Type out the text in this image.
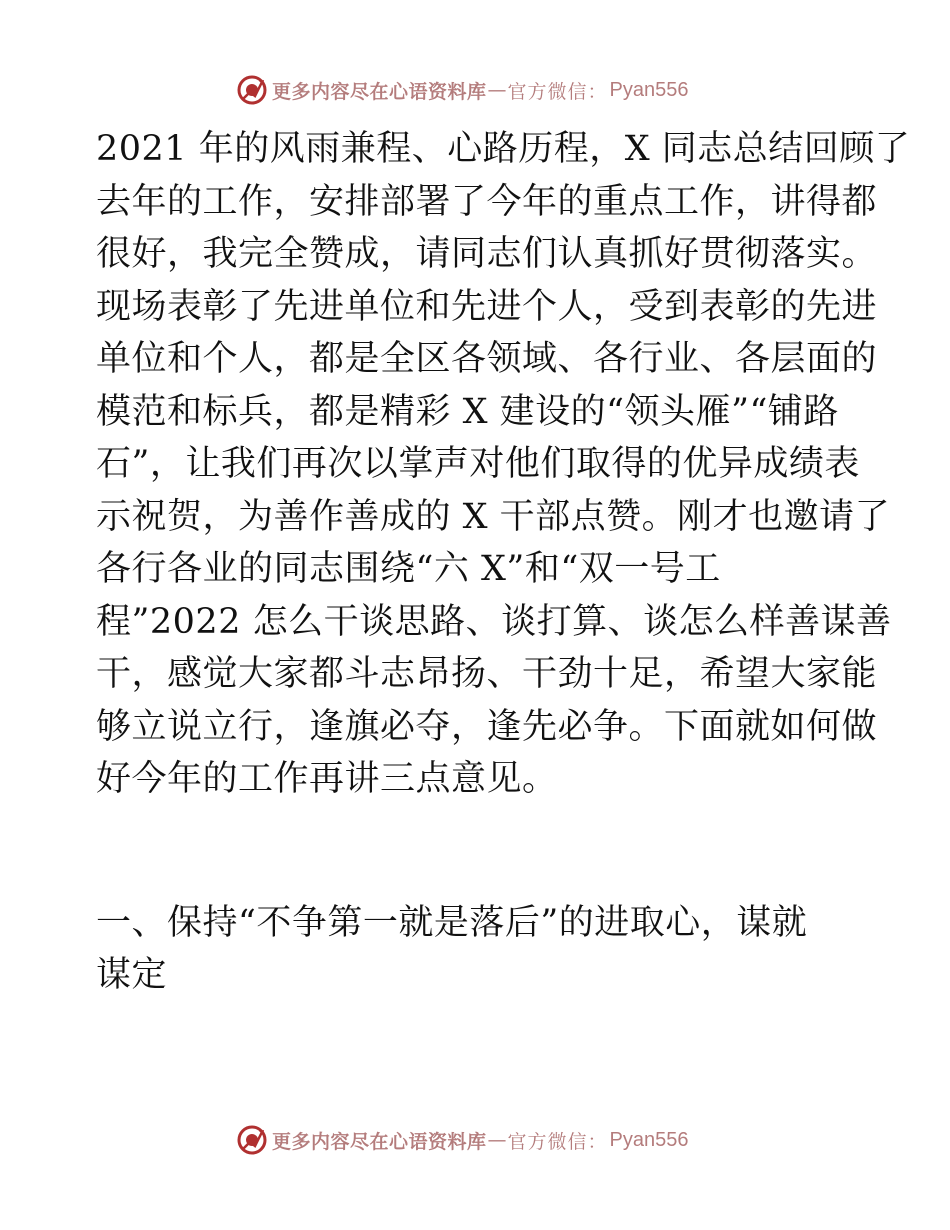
更多内容尽在心语资料库 — 官方微信： Pyan556
2021 年的风雨兼程、心路历程，X 同志总结回顾了
去年的工作，安排部署了今年的重点工作，讲得都
很好，我完全赞成，请同志们认真抓好贯彻落实。
现场表彰了先进单位和先进个人，受到表彰的先进
单位和个人，都是全区各领域、各行业、各层面的
模范和标兵，都是精彩 X 建设的“领头雁”“铺路
石”，让我们再次以掌声对他们取得的优异成绩表
示祝贺，为善作善成的 X 干部点赞。刚才也邀请了
各行各业的同志围绕“六 X”和“双一号工
程”2022 怎么干谈思路、谈打算、谈怎么样善谋善
干，感觉大家都斗志昂扬、干劲十足，希望大家能
够立说立行，逢旗必夺，逢先必争。下面就如何做
好今年的工作再讲三点意见。
一、保持“不争第一就是落后”的进取心，谋就
谋定
更多内容尽在心语资料库 — 官方微信： Pyan556
